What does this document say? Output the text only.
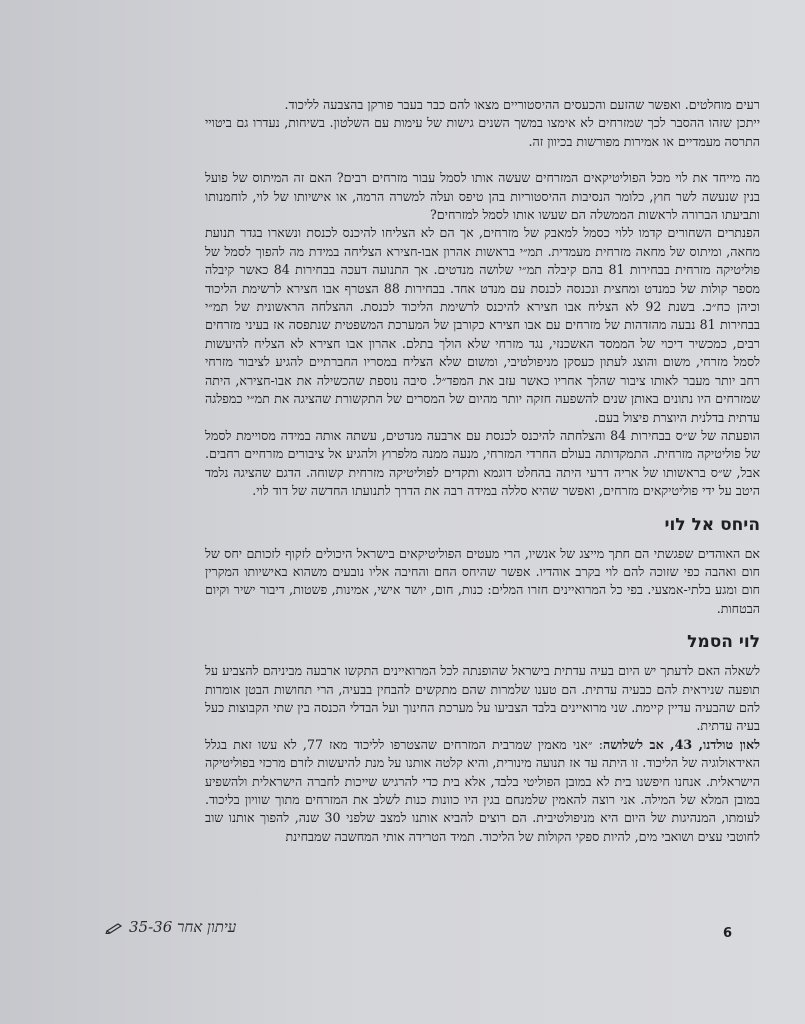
רעים מוחלטים. ואפשר שהזעם והכעסים ההיסטוריים מצאו להם כבר בעבר פורקן בהצבעה לליכוד.

ייתכן שזהו ההסבר לכך שמזרחים לא אימצו במשך השנים גישות של עימות עם השלטון. בשיחות, נעדרו גם ביטויי התרסה מעמדיים או אמירות מפורשות בכיוון זה.

מה מייחד את לוי מכל הפוליטיקאים המזרחים שעשה אותו לסמל עבור מזרחים רבים? האם זה המיתוס של פועל בנין שנעשה לשר חוץ, כלומר הנסיבות ההיסטוריות בהן טיפס ועלה למשרה הרמה, או אישיותו של לוי, לוחמנותו ותביעתו הברורה לראשות הממשלה הם שעשו אותו לסמל למזרחים?

הפנתרים השחורים קדמו ללוי כסמל למאבק של מזרחים, אך הם לא הצליחו להיכנס לכנסת ונשארו בגדר תנועת מחאה, ומיתוס של מחאה מזרחית מעמדית. תמ״י בראשות אהרון אבו-חצירא הצליחה במידת מה להפוך לסמל של פוליטיקה מזרחית בבחירות 81 בהם קיבלה תמ״י שלושה מנדטים. אך התנועה דעכה בבחירות 84 כאשר קיבלה מספר קולות של כמנדט ומחצית ונכנסה לכנסת עם מנדט אחד. בבחירות 88 הצטרף אבו חצירא לרשימת הליכוד וכיהן כח״כ. בשנת 92 לא הצליח אבו חצירא להיכנס לרשימת הליכוד לכנסת. ההצלחה הראשונית של תמ״י בבחירות 81 נבעה מהזדהות של מזרחים עם אבו חצירא כקורבן של המערכת המשפטית שנתפסה אז בעיני מזרחים רבים, כמכשיר דיכוי של הממסד האשכנזי, נגד מזרחי שלא הולך בתלם. אהרון אבו חצירא לא הצליח להיעשות לסמל מזרחי, משום והוצג לעתון כעסקן מניפולטיבי, ומשום שלא הצליח במסריו החברתיים להגיע לציבור מזרחי רחב יותר מעבר לאותו ציבור שהלך אחריו כאשר עזב את המפד״ל. סיבה נוספת שהכשילה את אבו-חצירא, היתה שמזרחים היו נתונים באותן שנים להשפעה חזקה יותר מהיום של המסרים של התקשורת שהציגה את תמ״י כמפלגה עדתית בדלנית היוצרת פיצול בעם.

הופעתה של ש״ס בבחירות 84 והצלחתה להיכנס לכנסת עם ארבעה מנדטים, עשתה אותה במידה מסויימת לסמל של פוליטיקה מזרחית. התמקדותה בעולם החרדי המזרחי, מנעה ממנה מלפרוץ ולהגיע אל ציבורים מזרחיים רחבים. אבל, ש״ס בראשותו של אריה דרעי היתה בהחלט דוגמא ותקדים לפוליטיקה מזרחית קשוחה. הדגם שהציגה נלמד היטב על ידי פוליטיקאים מזרחים, ואפשר שהיא סללה במידה רבה את הדרך לתנועתו החדשה של דוד לוי.

היחס אל לוי

אם האוהדים שפגשתי הם חתך מייצג של אנשיו, הרי מעטים הפוליטיקאים בישראל היכולים לזקוף לזכותם יחס של חום ואהבה כפי שזוכה להם לוי בקרב אוהדיו. אפשר שהיחס החם והחיבה אליו נובעים משהוא באישיותו המקרין חום ומגע בלתי-אמצעי. בפי כל המרואיינים חזרו המלים: כנות, חום, יושר אישי, אמינות, פשטות, דיבור ישיר וקיום הבטחות.

לוי הסמל

לשאלה האם לדעתך יש היום בעיה עדתית בישראל שהופנתה לכל המרואיינים התקשו ארבעה מביניהם להצביע על תופעה שניראית להם כבעיה עדתית. הם טענו שלמרות שהם מתקשים להבחין בבעיה, הרי תחושות הבטן אומרות להם שהבעיה עדיין קיימת. שני מרואיינים בלבד הצביעו על מערכת החינוך ועל הבדלי הכנסה בין שתי הקבוצות כעל בעיה עדתית.

לאון טולדנו, 43, אב לשלושה: ״אני מאמין שמרבית המזרחים שהצטרפו לליכוד מאז 77, לא עשו זאת בגלל האידאולוגיה של הליכוד. זו היתה עד אז תנועה מינורית, והיא קלטה אותנו על מנת להיעשות לזרם מרכזי בפוליטיקה הישראלית. אנחנו חיפשנו בית לא במובן הפוליטי בלבד, אלא בית כדי להרגיש שייכות לחברה הישראלית ולהשפיע במובן המלא של המילה. אני רוצה להאמין שלמנחם בגין היו כוונות כנות לשלב את המזרחים מתוך שוויון בליכוד. לעומתו, המנהיגות של היום היא מניפולטיבית. הם רוצים להביא אותנו למצב שלפני 30 שנה, להפוך אותנו שוב לחוטבי עצים ושואבי מים, להיות ספקי הקולות של הליכוד. תמיד הטרידה אותי המחשבה שמבחינת

6
עיתון אחר 35-36
